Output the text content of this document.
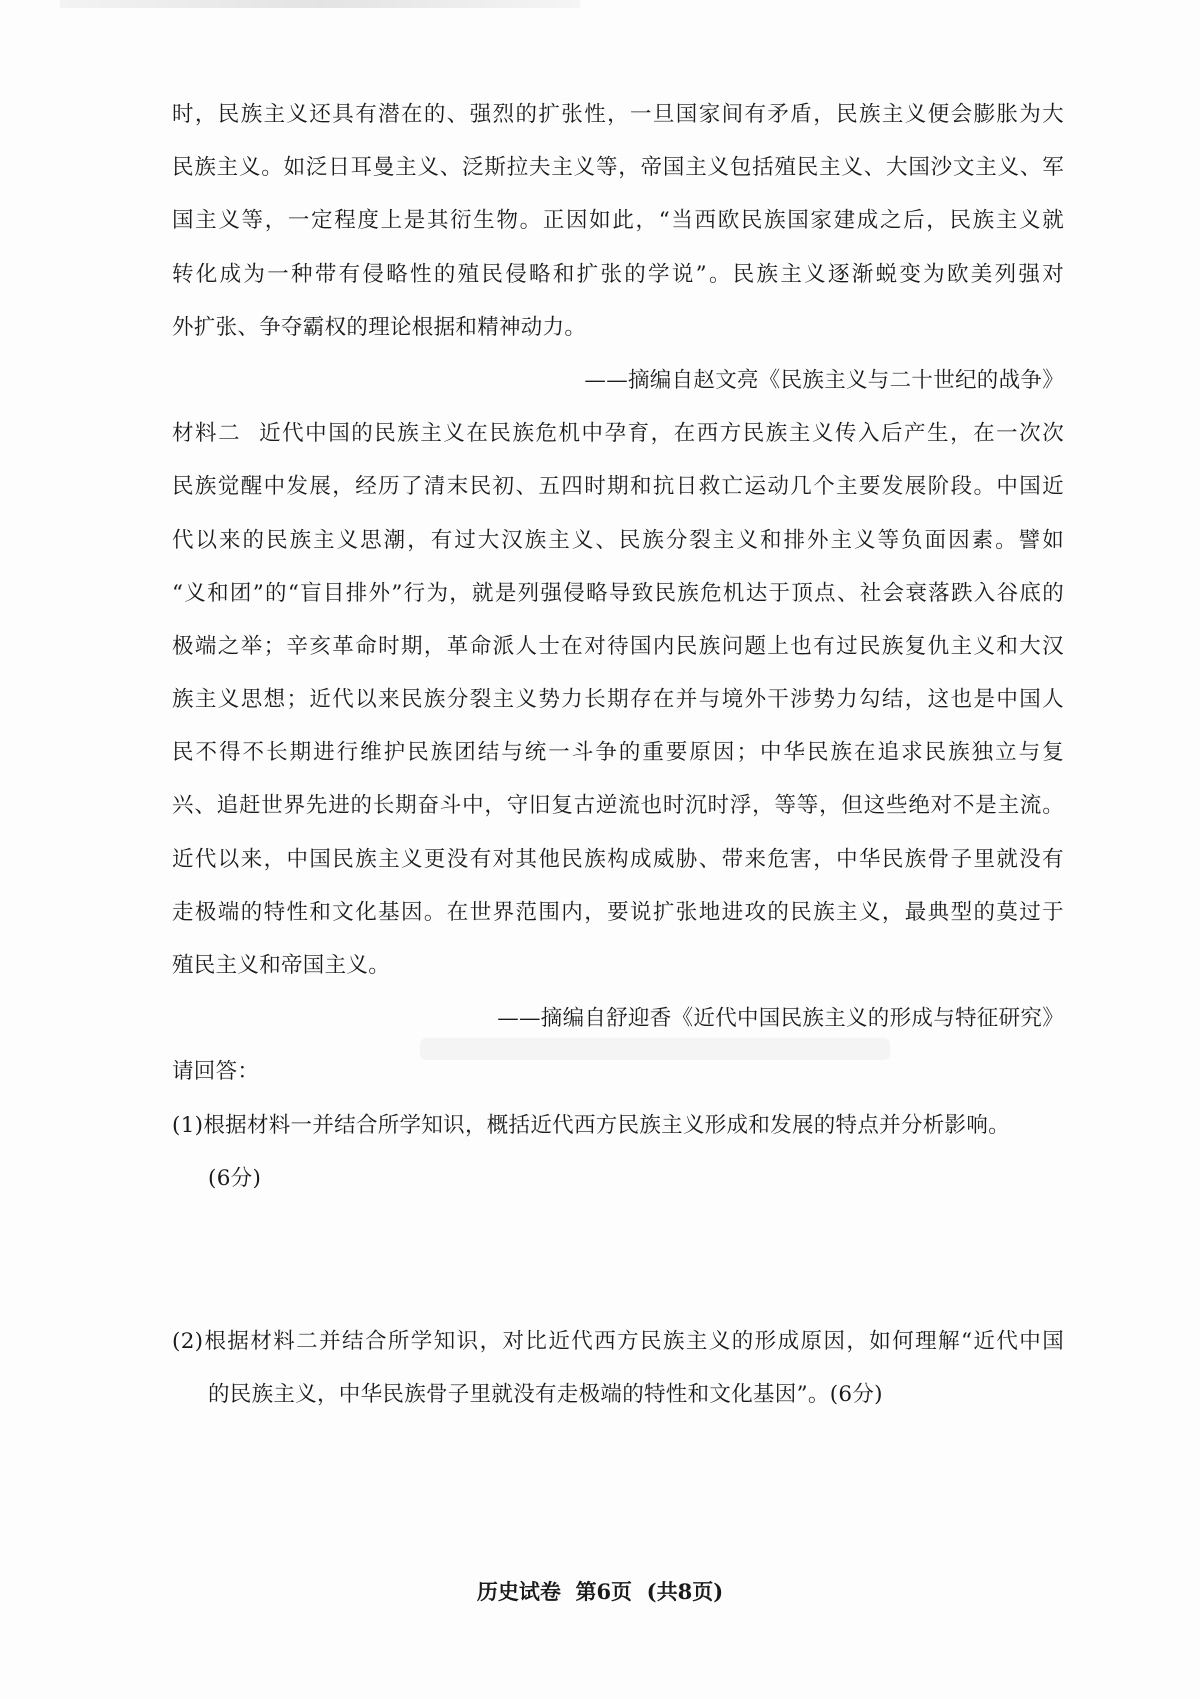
时，民族主义还具有潜在的、强烈的扩张性，一旦国家间有矛盾，民族主义便会膨胀为大
民族主义。如泛日耳曼主义、泛斯拉夫主义等，帝国主义包括殖民主义、大国沙文主义、军
国主义等，一定程度上是其衍生物。正因如此，“当西欧民族国家建成之后，民族主义就
转化成为一种带有侵略性的殖民侵略和扩张的学说”。民族主义逐渐蜕变为欧美列强对
外扩张、争夺霸权的理论根据和精神动力。
——摘编自赵文亮《民族主义与二十世纪的战争》
材料二 近代中国的民族主义在民族危机中孕育，在西方民族主义传入后产生，在一次次
民族觉醒中发展，经历了清末民初、五四时期和抗日救亡运动几个主要发展阶段。中国近
代以来的民族主义思潮，有过大汉族主义、民族分裂主义和排外主义等负面因素。譬如
“义和团”的“盲目排外”行为，就是列强侵略导致民族危机达于顶点、社会衰落跌入谷底的
极端之举；辛亥革命时期，革命派人士在对待国内民族问题上也有过民族复仇主义和大汉
族主义思想；近代以来民族分裂主义势力长期存在并与境外干涉势力勾结，这也是中国人
民不得不长期进行维护民族团结与统一斗争的重要原因；中华民族在追求民族独立与复
兴、追赶世界先进的长期奋斗中，守旧复古逆流也时沉时浮，等等，但这些绝对不是主流。
近代以来，中国民族主义更没有对其他民族构成威胁、带来危害，中华民族骨子里就没有
走极端的特性和文化基因。在世界范围内，要说扩张地进攻的民族主义，最典型的莫过于
殖民主义和帝国主义。
——摘编自舒迎香《近代中国民族主义的形成与特征研究》
请回答：
(1)根据材料一并结合所学知识，概括近代西方民族主义形成和发展的特点并分析影响。
(6分)
(2)根据材料二并结合所学知识，对比近代西方民族主义的形成原因，如何理解“近代中国
的民族主义，中华民族骨子里就没有走极端的特性和文化基因”。(6分)
历史试卷  第6页  (共8页)
